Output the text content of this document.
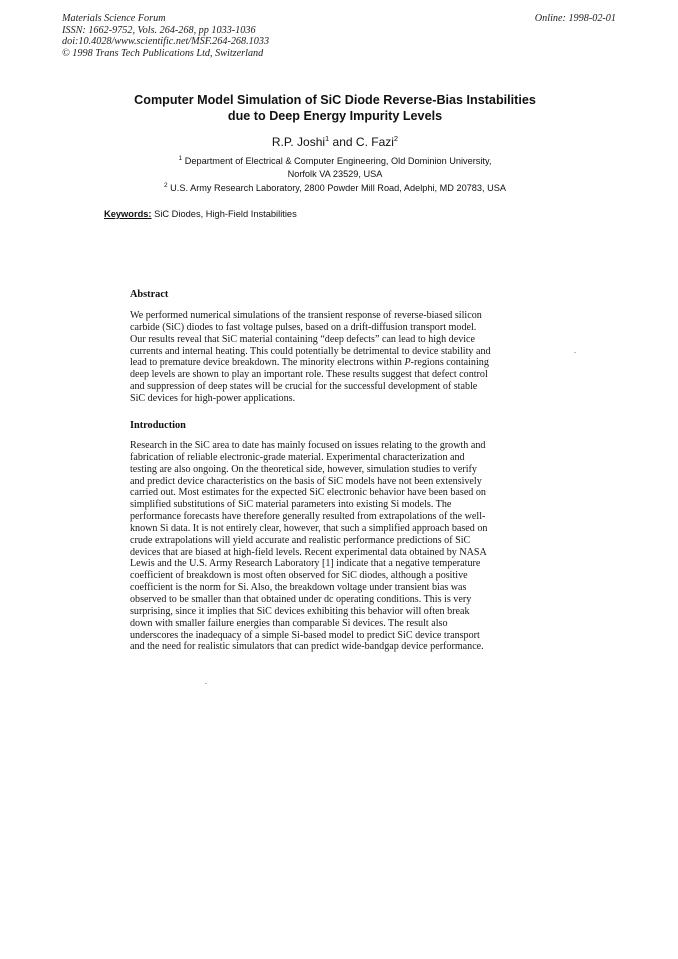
Materials Science Forum
ISSN: 1662-9752, Vols. 264-268, pp 1033-1036
doi:10.4028/www.scientific.net/MSF.264-268.1033
© 1998 Trans Tech Publications Ltd, Switzerland
Online: 1998-02-01
Computer Model Simulation of SiC Diode Reverse-Bias Instabilities
due to Deep Energy Impurity Levels
R.P. Joshi$^1$ and C. Fazi$^2$
$^1$ Department of Electrical & Computer Engineering, Old Dominion University,
Norfolk VA 23529, USA
$^2$ U.S. Army Research Laboratory, 2800 Powder Mill Road, Adelphi, MD 20783, USA
Keywords: SiC Diodes, High-Field Instabilities
Abstract
We performed numerical simulations of the transient response of reverse-biased silicon
carbide (SiC) diodes to fast voltage pulses, based on a drift-diffusion transport model.
Our results reveal that SiC material containing “deep defects” can lead to high device
currents and internal heating. This could potentially be detrimental to device stability and
lead to premature device breakdown. The minority electrons within P-regions containing
deep levels are shown to play an important role. These results suggest that defect control
and suppression of deep states will be crucial for the successful development of stable
SiC devices for high-power applications.
Introduction
Research in the SiC area to date has mainly focused on issues relating to the growth and
fabrication of reliable electronic-grade material. Experimental characterization and
testing are also ongoing. On the theoretical side, however, simulation studies to verify
and predict device characteristics on the basis of SiC models have not been extensively
carried out. Most estimates for the expected SiC electronic behavior have been based on
simplified substitutions of SiC material parameters into existing Si models. The
performance forecasts have therefore generally resulted from extrapolations of the well-
known Si data. It is not entirely clear, however, that such a simplified approach based on
crude extrapolations will yield accurate and realistic performance predictions of SiC
devices that are biased at high-field levels. Recent experimental data obtained by NASA
Lewis and the U.S. Army Research Laboratory [1] indicate that a negative temperature
coefficient of breakdown is most often observed for SiC diodes, although a positive
coefficient is the norm for Si. Also, the breakdown voltage under transient bias was
observed to be smaller than that obtained under dc operating conditions. This is very
surprising, since it implies that SiC devices exhibiting this behavior will often break
down with smaller failure energies than comparable Si devices. The result also
underscores the inadequacy of a simple Si-based model to predict SiC device transport
and the need for realistic simulators that can predict wide-bandgap device performance.
